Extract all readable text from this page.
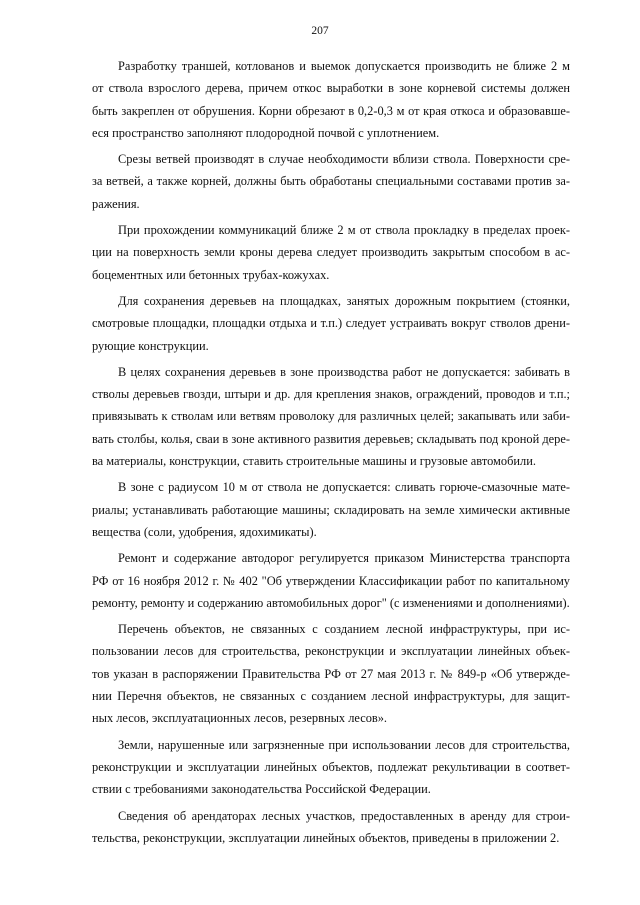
207
Разработку траншей, котлованов и выемок допускается производить не ближе 2 м
от ствола взрослого дерева, причем откос выработки в зоне корневой системы должен
быть закреплен от обрушения. Корни обрезают в 0,2-0,3 м от края откоса и образовавше-
еся пространство заполняют плодородной почвой с уплотнением.
Срезы ветвей производят в случае необходимости вблизи ствола. Поверхности сре-
за ветвей, а также корней, должны быть обработаны специальными составами против за-
ражения.
При прохождении коммуникаций ближе 2 м от ствола прокладку в пределах проек-
ции на поверхность земли кроны дерева следует производить закрытым способом в ас-
боцементных или бетонных трубах-кожухах.
Для сохранения деревьев на площадках, занятых дорожным покрытием (стоянки,
смотровые площадки, площадки отдыха и т.п.) следует устраивать вокруг стволов дрени-
рующие конструкции.
В целях сохранения деревьев в зоне производства работ не допускается: забивать в
стволы деревьев гвозди, штыри и др. для крепления знаков, ограждений, проводов и т.п.;
привязывать к стволам или ветвям проволоку для различных целей; закапывать или заби-
вать столбы, колья, сваи в зоне активного развития деревьев; складывать под кроной дере-
ва материалы, конструкции, ставить строительные машины и грузовые автомобили.
В зоне с радиусом 10 м от ствола не допускается: сливать горюче-смазочные мате-
риалы; устанавливать работающие машины; складировать на земле химически активные
вещества (соли, удобрения, ядохимикаты).
Ремонт и содержание автодорог регулируется приказом Министерства транспорта
РФ от 16 ноября 2012 г. № 402 "Об утверждении Классификации работ по капитальному
ремонту, ремонту и содержанию автомобильных дорог" (с изменениями и дополнениями).
Перечень объектов, не связанных с созданием лесной инфраструктуры, при ис-
пользовании лесов для строительства, реконструкции и эксплуатации линейных объек-
тов указан в распоряжении Правительства РФ от 27 мая 2013 г. № 849-р «Об утвержде-
нии Перечня объектов, не связанных с созданием лесной инфраструктуры, для защит-
ных лесов, эксплуатационных лесов, резервных лесов».
Земли, нарушенные или загрязненные при использовании лесов для строительства,
реконструкции и эксплуатации линейных объектов, подлежат рекультивации в соответ-
ствии с требованиями законодательства Российской Федерации.
Сведения об арендаторах лесных участков, предоставленных в аренду для строи-
тельства, реконструкции, эксплуатации линейных объектов, приведены в приложении 2.
